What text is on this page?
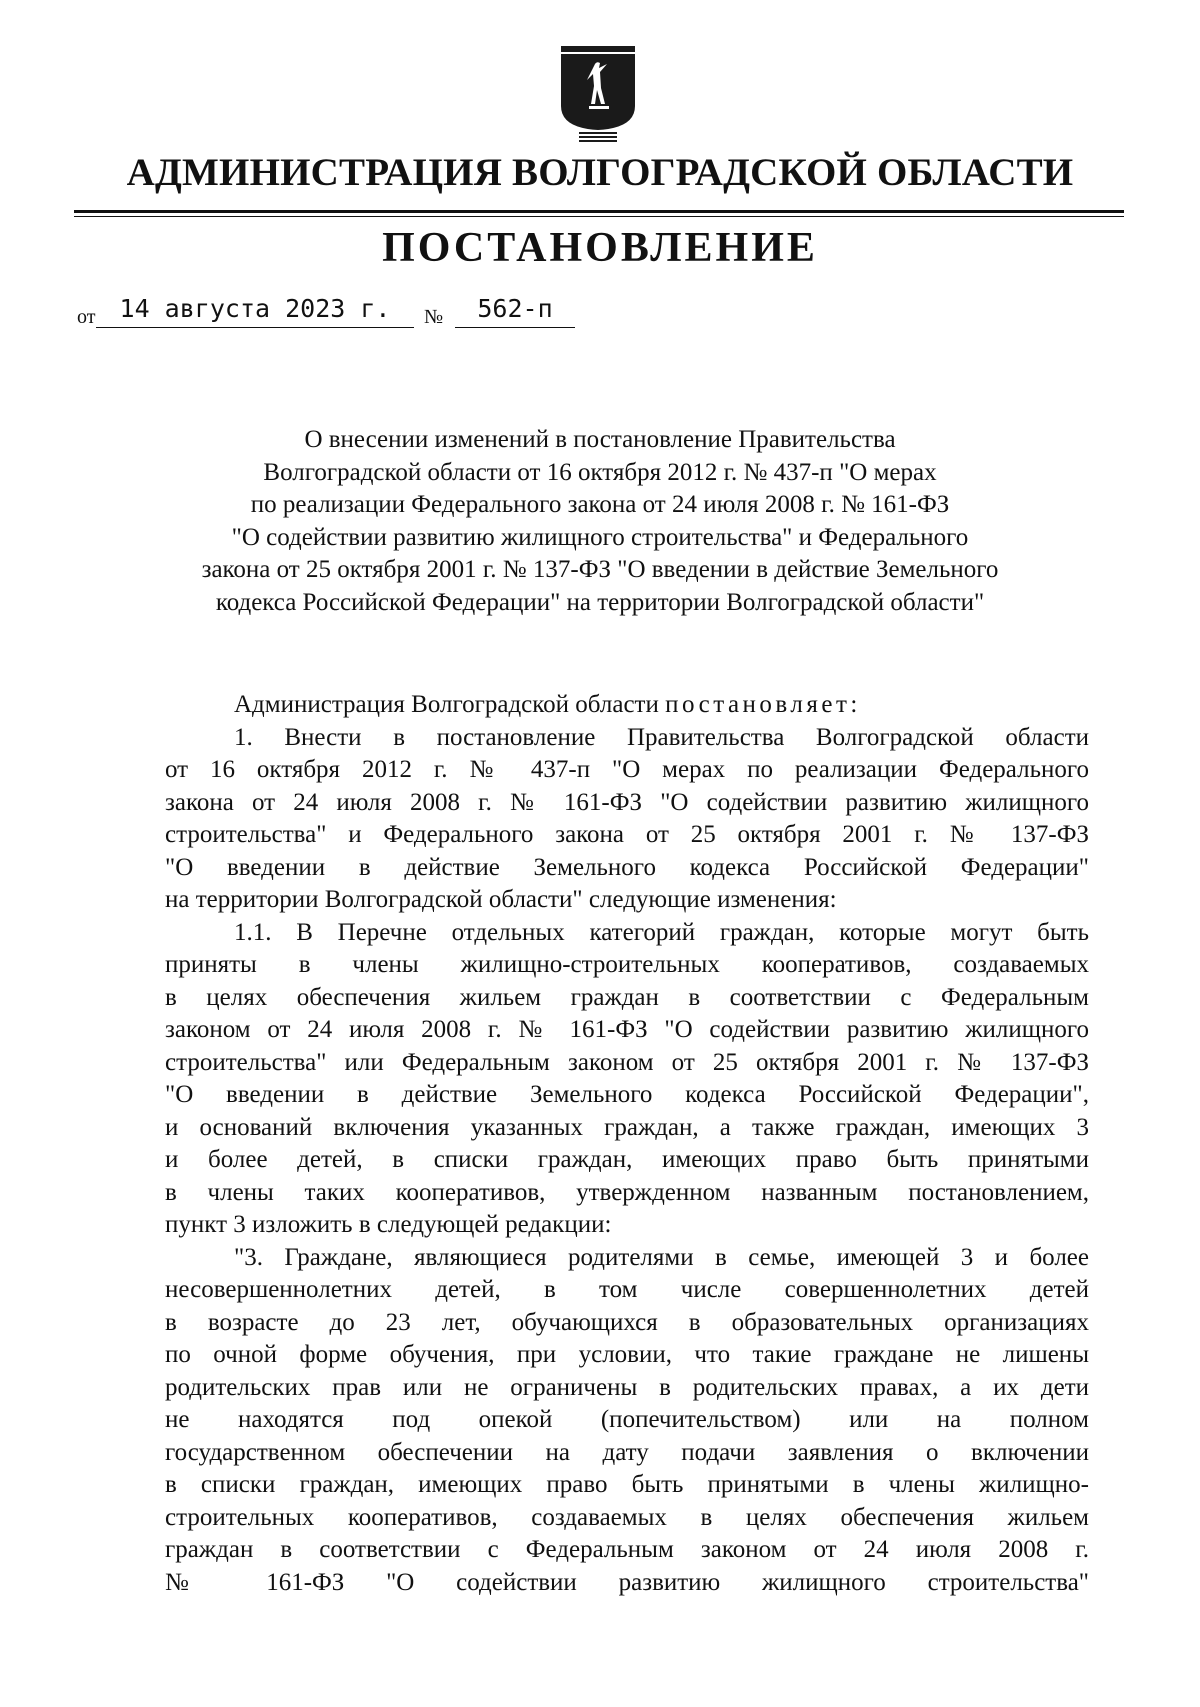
АДМИНИСТРАЦИЯ ВОЛГОГРАДСКОЙ ОБЛАСТИ
ПОСТАНОВЛЕНИЕ
от 14 августа 2023 г.	№	562-п
О внесении изменений в постановление Правительства
Волгоградской области от 16 октября 2012 г. № 437-п "О мерах
по реализации Федерального закона от 24 июля 2008 г. № 161-ФЗ
"О содействии развитию жилищного строительства" и Федерального
закона от 25 октября 2001 г. № 137-ФЗ "О введении в действие Земельного
кодекса Российской Федерации" на территории Волгоградской области"
Администрация Волгоградской области постановляет:
1. Внести в постановление Правительства Волгоградской области
от 16 октября 2012 г. № 437-п "О мерах по реализации Федерального
закона от 24 июля 2008 г. № 161-ФЗ "О содействии развитию жилищного
строительства" и Федерального закона от 25 октября 2001 г. № 137-ФЗ
"О введении в действие Земельного кодекса Российской Федерации"
на территории Волгоградской области" следующие изменения:
1.1. В Перечне отдельных категорий граждан, которые могут быть
приняты в члены жилищно-строительных кооперативов, создаваемых
в целях обеспечения жильем граждан в соответствии с Федеральным
законом от 24 июля 2008 г. № 161-ФЗ "О содействии развитию жилищного
строительства" или Федеральным законом от 25 октября 2001 г. № 137-ФЗ
"О введении в действие Земельного кодекса Российской Федерации",
и оснований включения указанных граждан, а также граждан, имеющих 3
и более детей, в списки граждан, имеющих право быть принятыми
в члены таких кооперативов, утвержденном названным постановлением,
пункт 3 изложить в следующей редакции:
"3. Граждане, являющиеся родителями в семье, имеющей 3 и более
несовершеннолетних детей, в том числе совершеннолетних детей
в возрасте до 23 лет, обучающихся в образовательных организациях
по очной форме обучения, при условии, что такие граждане не лишены
родительских прав или не ограничены в родительских правах, а их дети
не находятся под опекой (попечительством) или на полном
государственном обеспечении на дату подачи заявления о включении
в списки граждан, имеющих право быть принятыми в члены жилищно-
строительных кооперативов, создаваемых в целях обеспечения жильем
граждан в соответствии с Федеральным законом от 24 июля 2008 г.
№ 161-ФЗ "О содействии развитию жилищного строительства"
